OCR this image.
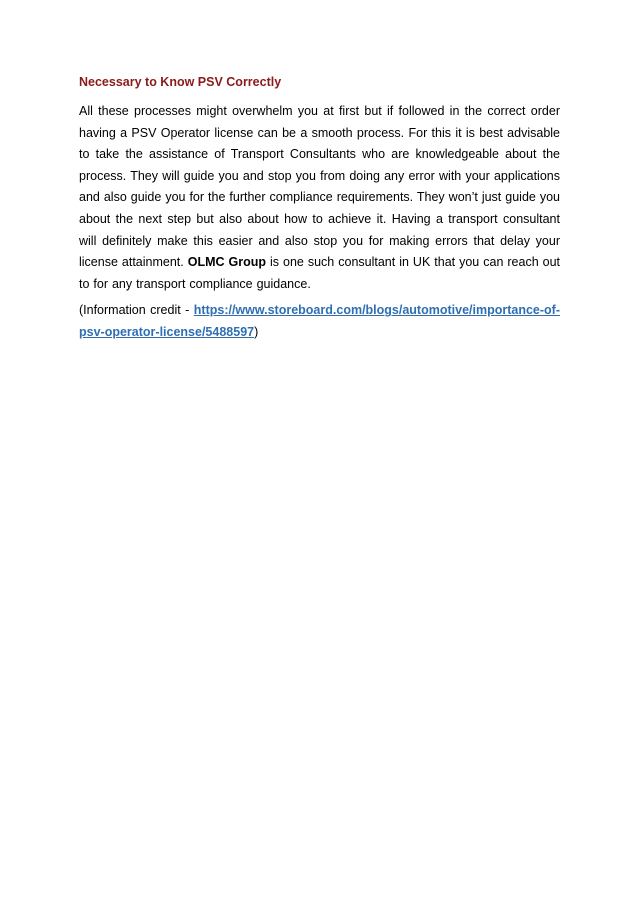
Necessary to Know PSV Correctly

All these processes might overwhelm you at first but if followed in the correct order having a PSV Operator license can be a smooth process. For this it is best advisable to take the assistance of Transport Consultants who are knowledgeable about the process. They will guide you and stop you from doing any error with your applications and also guide you for the further compliance requirements. They won’t just guide you about the next step but also about how to achieve it. Having a transport consultant will definitely make this easier and also stop you for making errors that delay your license attainment. OLMC Group is one such consultant in UK that you can reach out to for any transport compliance guidance.

(Information credit - https://www.storeboard.com/blogs/automotive/importance-of-psv-operator-license/5488597)
